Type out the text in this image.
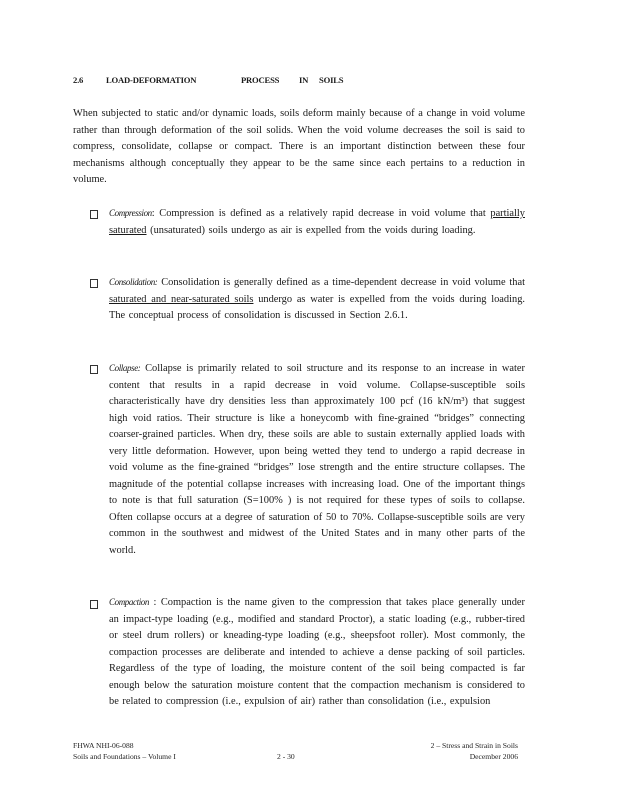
2.6	LOAD-DEFORMATION	PROCESS	IN	SOILS

When subjected to static and/or dynamic loads, soils deform mainly because of a change in void volume rather than through deformation of the soil solids. When the void volume decreases the soil is said to compress, consolidate, collapse or compact. There is an important distinction between these four mechanisms although conceptually they appear to be the same since each pertains to a reduction in volume.

Compression: Compression is defined as a relatively rapid decrease in void volume that partially saturated (unsaturated) soils undergo as air is expelled from the voids during loading.

Consolidation: Consolidation is generally defined as a time-dependent decrease in void volume that saturated and near-saturated soils undergo as water is expelled from the voids during loading. The conceptual process of consolidation is discussed in Section 2.6.1.

Collapse: Collapse is primarily related to soil structure and its response to an increase in water content that results in a rapid decrease in void volume. Collapse-susceptible soils characteristically have dry densities less than approximately 100 pcf (16 kN/m³) that suggest high void ratios. Their structure is like a honeycomb with fine-grained “bridges” connecting coarser-grained particles. When dry, these soils are able to sustain externally applied loads with very little deformation. However, upon being wetted they tend to undergo a rapid decrease in void volume as the fine-grained “bridges” lose strength and the entire structure collapses. The magnitude of the potential collapse increases with increasing load. One of the important things to note is that full saturation (S=100% ) is not required for these types of soils to collapse. Often collapse occurs at a degree of saturation of 50 to 70%. Collapse-susceptible soils are very common in the southwest and midwest of the United States and in many other parts of the world.

Compaction : Compaction is the name given to the compression that takes place generally under an impact-type loading (e.g., modified and standard Proctor), a static loading (e.g., rubber-tired or steel drum rollers) or kneading-type loading (e.g., sheepsfoot roller). Most commonly, the compaction processes are deliberate and intended to achieve a dense packing of soil particles. Regardless of the type of loading, the moisture content of the soil being compacted is far enough below the saturation moisture content that the compaction mechanism is considered to be related to compression (i.e., expulsion of air) rather than consolidation (i.e., expulsion

FHWA NHI-06-088
Soils and Foundations – Volume I	2 - 30
2 – Stress and Strain in Soils
December 2006
